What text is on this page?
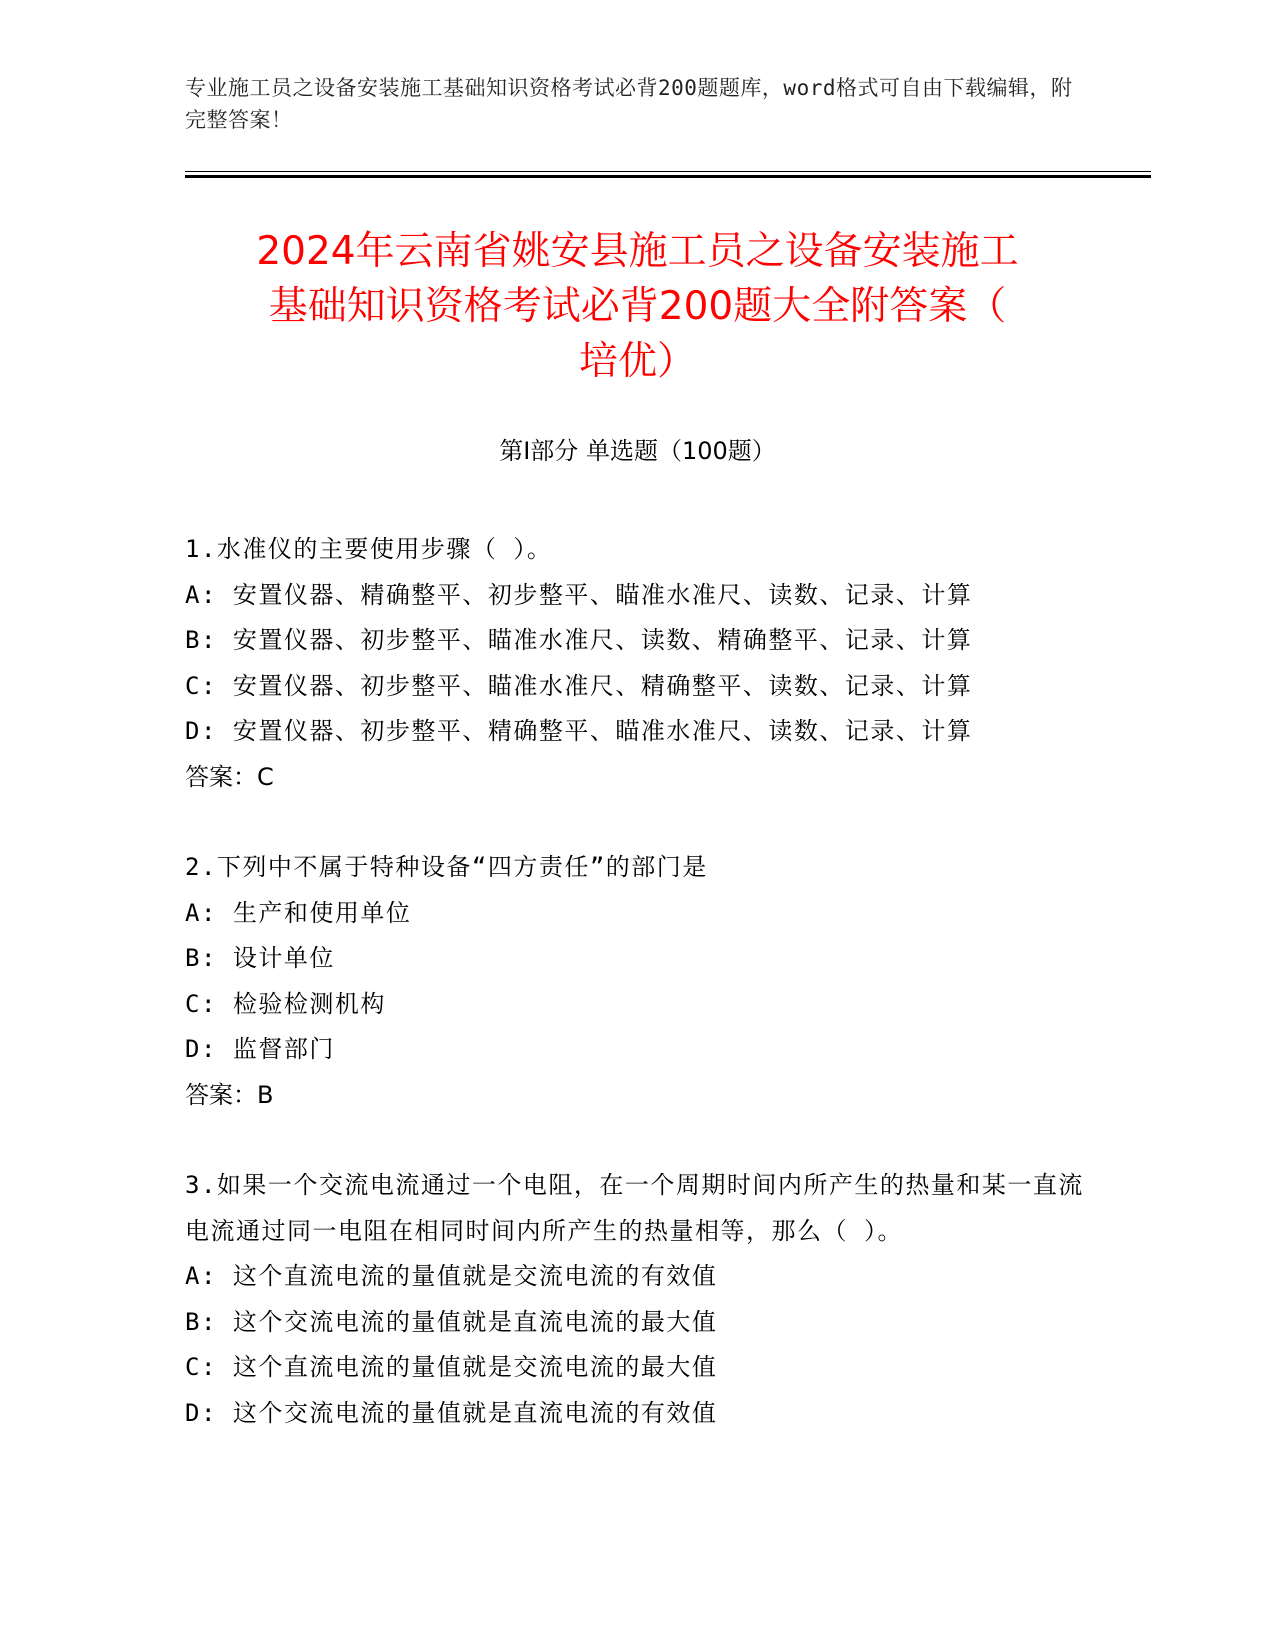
专业施工员之设备安装施工基础知识资格考试必背200题题库，word格式可自由下载编辑，附完整答案！
2024年云南省姚安县施工员之设备安装施工
基础知识资格考试必背200题大全附答案（
培优）
第Ⅰ部分 单选题（100题）
1.水准仪的主要使用步骤（ ）。
A: 安置仪器、精确整平、初步整平、瞄准水准尺、读数、记录、计算
B: 安置仪器、初步整平、瞄准水准尺、读数、精确整平、记录、计算
C: 安置仪器、初步整平、瞄准水准尺、精确整平、读数、记录、计算
D: 安置仪器、初步整平、精确整平、瞄准水准尺、读数、记录、计算
答案：C
2.下列中不属于特种设备“四方责任”的部门是
A: 生产和使用单位
B: 设计单位
C: 检验检测机构
D: 监督部门
答案：B
3.如果一个交流电流通过一个电阻，在一个周期时间内所产生的热量和某一直流电流通过同一电阻在相同时间内所产生的热量相等，那么（ ）。
A: 这个直流电流的量值就是交流电流的有效值
B: 这个交流电流的量值就是直流电流的最大值
C: 这个直流电流的量值就是交流电流的最大值
D: 这个交流电流的量值就是直流电流的有效值
